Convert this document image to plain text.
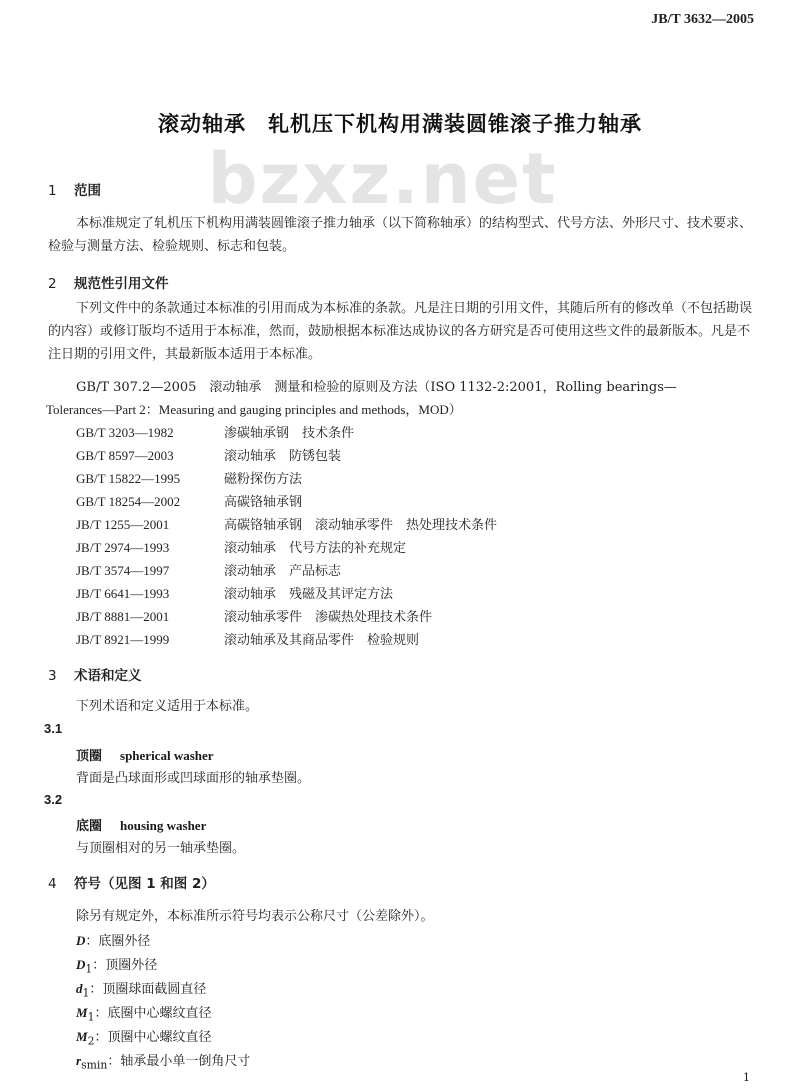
JB/T 3632—2005
滚动轴承 轧机压下机构用满装圆锥滚子推力轴承
bzxz.net
1 范围
本标准规定了轧机压下机构用满装圆锥滚子推力轴承（以下简称轴承）的结构型式、代号方法、外形尺寸、技术要求、检验与测量方法、检验规则、标志和包装。
2 规范性引用文件
下列文件中的条款通过本标准的引用而成为本标准的条款。凡是注日期的引用文件，其随后所有的修改单（不包括勘误的内容）或修订版均不适用于本标准，然而，鼓励根据本标准达成协议的各方研究是否可使用这些文件的最新版本。凡是不注日期的引用文件，其最新版本适用于本标准。
GB/T 307.2—2005　滚动轴承　测量和检验的原则及方法（ISO 1132-2:2001，Rolling bearings—
Tolerances—Part 2：Measuring and gauging principles and methods，MOD）
GB/T 3203—1982	渗碳轴承钢　技术条件
GB/T 8597—2003	滚动轴承　防锈包装
GB/T 15822—1995	磁粉探伤方法
GB/T 18254—2002	高碳铬轴承钢
JB/T 1255—2001	高碳铬轴承钢　滚动轴承零件　热处理技术条件
JB/T 2974—1993	滚动轴承　代号方法的补充规定
JB/T 3574—1997	滚动轴承　产品标志
JB/T 6641—1993	滚动轴承　残磁及其评定方法
JB/T 8881—2001	滚动轴承零件　渗碳热处理技术条件
JB/T 8921—1999	滚动轴承及其商品零件　检验规则
3 术语和定义
下列术语和定义适用于本标准。
3.1
顶圈 spherical washer
背面是凸球面形或凹球面形的轴承垫圈。
3.2
底圈 housing washer
与顶圈相对的另一轴承垫圈。
4 符号（见图 1 和图 2）
除另有规定外，本标准所示符号均表示公称尺寸（公差除外）。
D：底圈外径
$D_1$：顶圈外径
$d_1$：顶圈球面截圆直径
$M_1$：底圈中心螺纹直径
$M_2$：顶圈中心螺纹直径
$r_{smin}$：轴承最小单一倒角尺寸
1
